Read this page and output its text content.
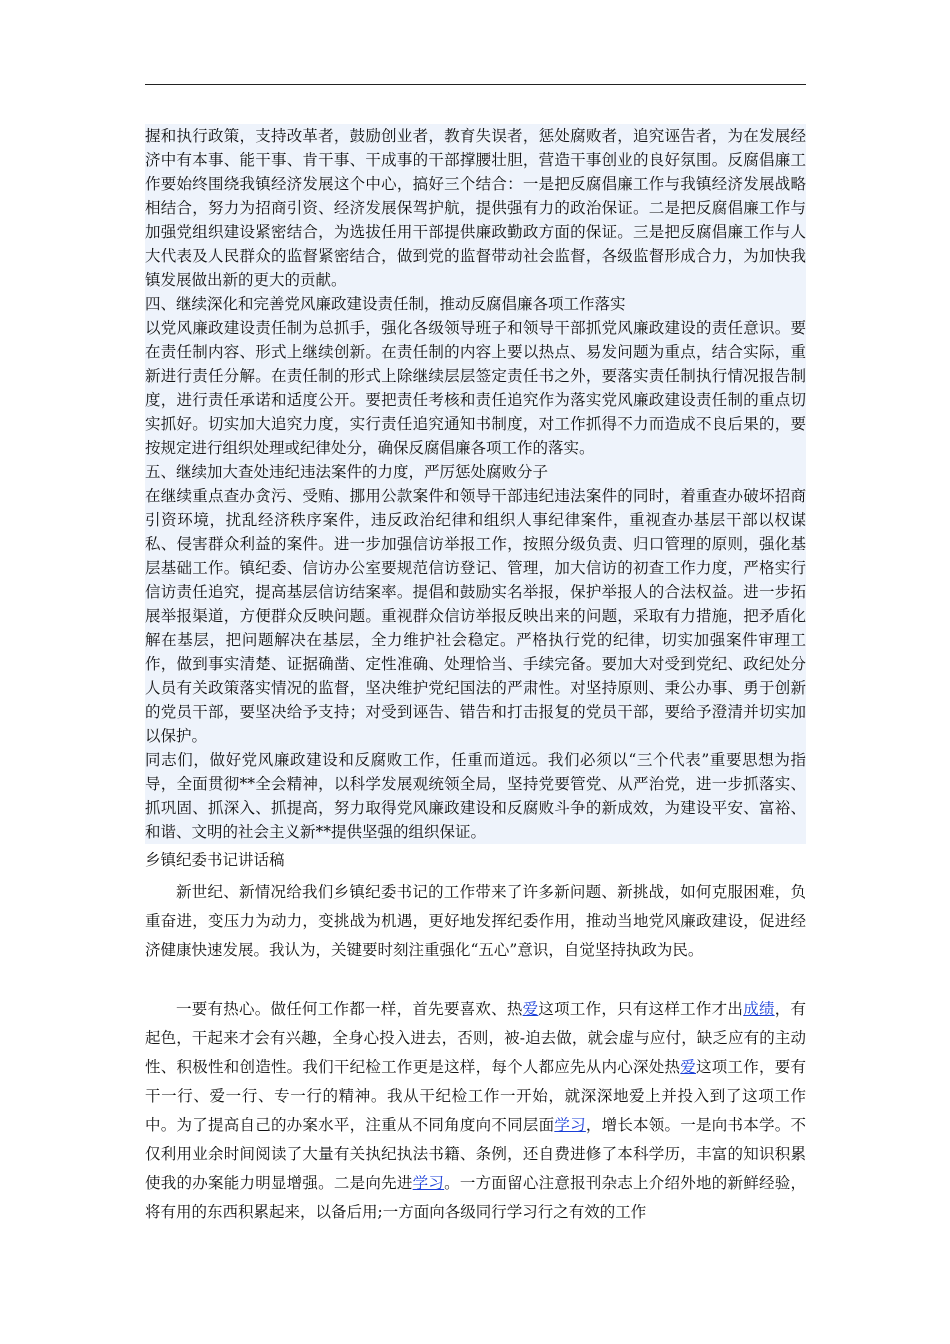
握和执行政策，支持改革者，鼓励创业者，教育失误者，惩处腐败者，追究诬告者，为在发展经济中有本事、能干事、肯干事、干成事的干部撑腰壮胆，营造干事创业的良好氛围。反腐倡廉工作要始终围绕我镇经济发展这个中心，搞好三个结合：一是把反腐倡廉工作与我镇经济发展战略相结合，努力为招商引资、经济发展保驾护航，提供强有力的政治保证。二是把反腐倡廉工作与加强党组织建设紧密结合，为选拔任用干部提供廉政勤政方面的保证。三是把反腐倡廉工作与人大代表及人民群众的监督紧密结合，做到党的监督带动社会监督，各级监督形成合力，为加快我镇发展做出新的更大的贡献。

四、继续深化和完善党风廉政建设责任制，推动反腐倡廉各项工作落实

以党风廉政建设责任制为总抓手，强化各级领导班子和领导干部抓党风廉政建设的责任意识。要在责任制内容、形式上继续创新。在责任制的内容上要以热点、易发问题为重点，结合实际，重新进行责任分解。在责任制的形式上除继续层层签定责任书之外，要落实责任制执行情况报告制度，进行责任承诺和适度公开。要把责任考核和责任追究作为落实党风廉政建设责任制的重点切实抓好。切实加大追究力度，实行责任追究通知书制度，对工作抓得不力而造成不良后果的，要按规定进行组织处理或纪律处分，确保反腐倡廉各项工作的落实。

五、继续加大查处违纪违法案件的力度，严厉惩处腐败分子

在继续重点查办贪污、受贿、挪用公款案件和领导干部违纪违法案件的同时，着重查办破坏招商引资环境，扰乱经济秩序案件，违反政治纪律和组织人事纪律案件，重视查办基层干部以权谋私、侵害群众利益的案件。进一步加强信访举报工作，按照分级负责、归口管理的原则，强化基层基础工作。镇纪委、信访办公室要规范信访登记、管理，加大信访的初查工作力度，严格实行信访责任追究，提高基层信访结案率。提倡和鼓励实名举报，保护举报人的合法权益。进一步拓展举报渠道，方便群众反映问题。重视群众信访举报反映出来的问题，采取有力措施，把矛盾化解在基层，把问题解决在基层，全力维护社会稳定。严格执行党的纪律，切实加强案件审理工作，做到事实清楚、证据确凿、定性准确、处理恰当、手续完备。要加大对受到党纪、政纪处分人员有关政策落实情况的监督，坚决维护党纪国法的严肃性。对坚持原则、秉公办事、勇于创新的党员干部，要坚决给予支持；对受到诬告、错告和打击报复的党员干部，要给予澄清并切实加以保护。

同志们，做好党风廉政建设和反腐败工作，任重而道远。我们必须以“三个代表”重要思想为指导，全面贯彻**全会精神，以科学发展观统领全局，坚持党要管党、从严治党，进一步抓落实、抓巩固、抓深入、抓提高，努力取得党风廉政建设和反腐败斗争的新成效，为建设平安、富裕、和谐、文明的社会主义新**提供坚强的组织保证。

乡镇纪委书记讲话稿

新世纪、新情况给我们乡镇纪委书记的工作带来了许多新问题、新挑战，如何克服困难，负重奋进，变压力为动力，变挑战为机遇，更好地发挥纪委作用，推动当地党风廉政建设，促进经济健康快速发展。我认为，关键要时刻注重强化“五心”意识，自觉坚持执政为民。

一要有热心。做任何工作都一样，首先要喜欢、热爱这项工作，只有这样工作才出成绩，有起色，干起来才会有兴趣，全身心投入进去，否则，被-迫去做，就会虚与应付，缺乏应有的主动性、积极性和创造性。我们干纪检工作更是这样，每个人都应先从内心深处热爱这项工作，要有干一行、爱一行、专一行的精神。我从干纪检工作一开始，就深深地爱上并投入到了这项工作中。为了提高自己的办案水平，注重从不同角度向不同层面学习，增长本领。一是向书本学。不仅利用业余时间阅读了大量有关执纪执法书籍、条例，还自费进修了本科学历，丰富的知识积累使我的办案能力明显增强。二是向先进学习。一方面留心注意报刊杂志上介绍外地的新鲜经验，将有用的东西积累起来，以备后用;一方面向各级同行学习行之有效的工作
